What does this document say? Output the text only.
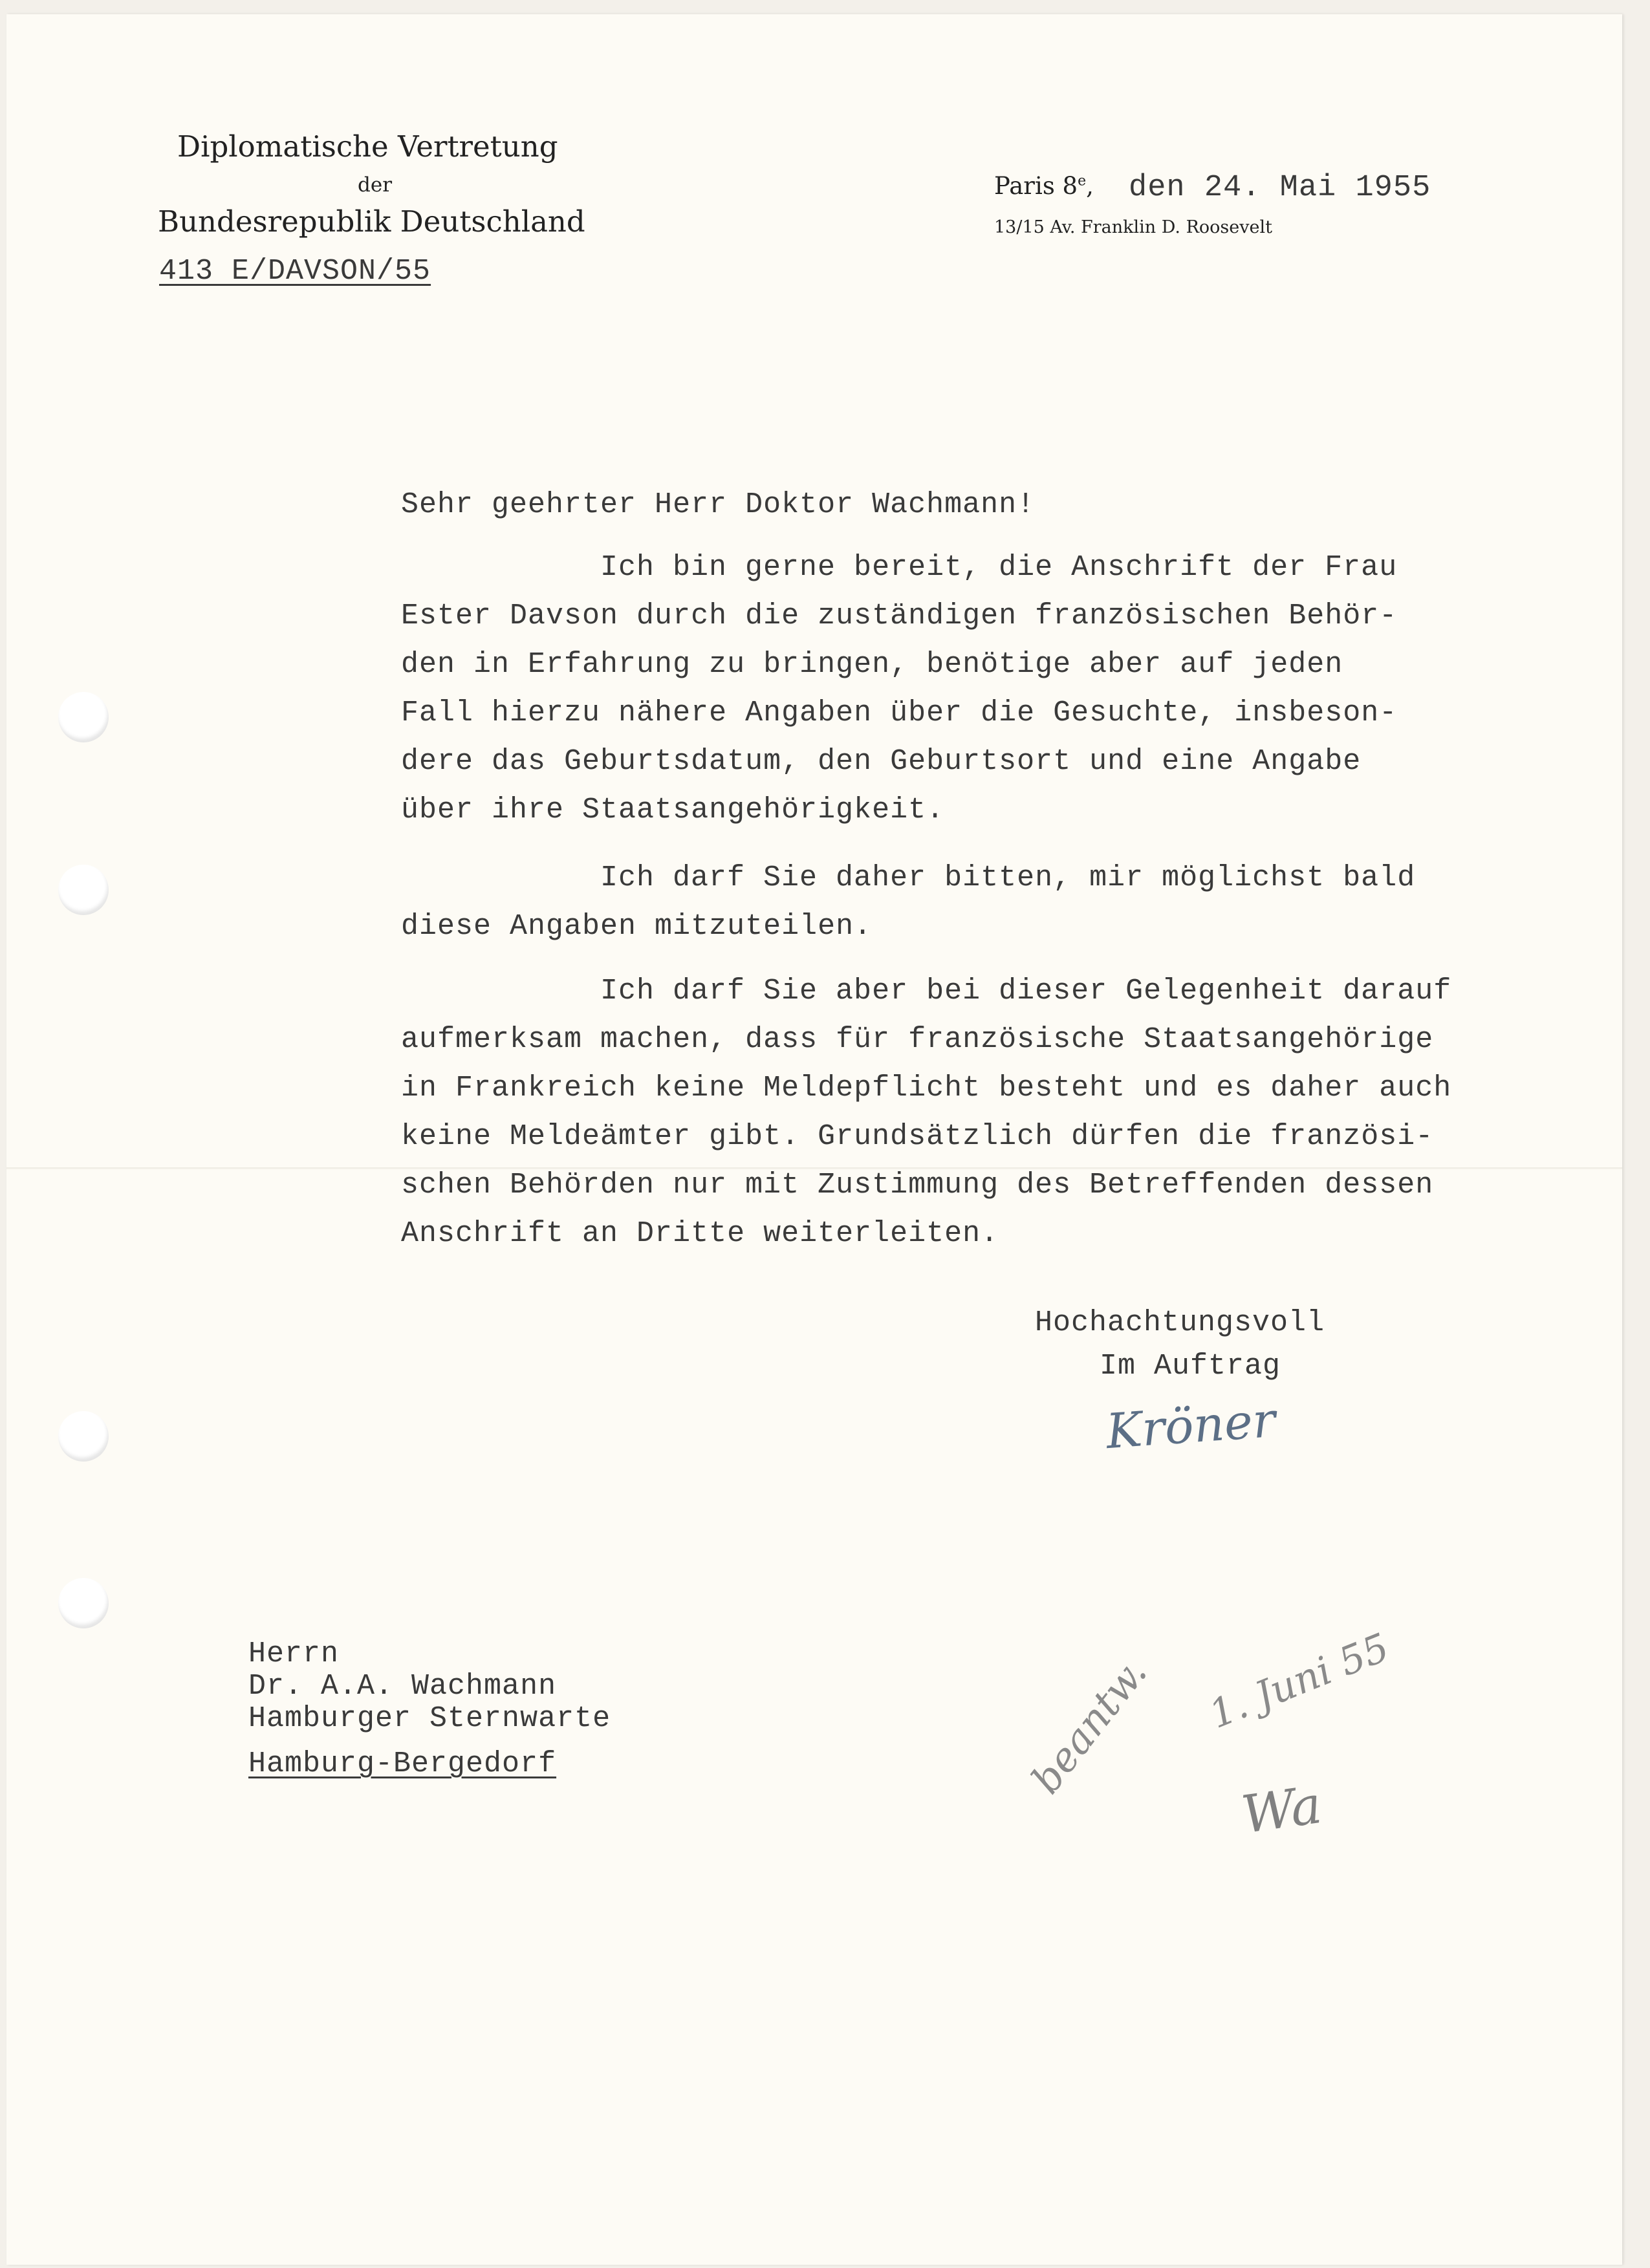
Diplomatische Vertretung
der
Bundesrepublik Deutschland
413 E/DAVSON/55
Paris 8e, den 24. Mai 1955
13/15 Av. Franklin D. Roosevelt
Sehr geehrter Herr Doktor Wachmann!
Ich bin gerne bereit, die Anschrift der Frau
Ester Davson durch die zuständigen französischen Behör-
den in Erfahrung zu bringen, benötige aber auf jeden
Fall hierzu nähere Angaben über die Gesuchte, insbeson-
dere das Geburtsdatum, den Geburtsort und eine Angabe
über ihre Staatsangehörigkeit.
Ich darf Sie daher bitten, mir möglichst bald
diese Angaben mitzuteilen.
Ich darf Sie aber bei dieser Gelegenheit darauf
aufmerksam machen, dass für französische Staatsangehörige
in Frankreich keine Meldepflicht besteht und es daher auch
keine Meldeämter gibt. Grundsätzlich dürfen die französi-
schen Behörden nur mit Zustimmung des Betreffenden dessen
Anschrift an Dritte weiterleiten.
Hochachtungsvoll
Im Auftrag
Kröner
Herrn
Dr. A.A. Wachmann
Hamburger Sternwarte
Hamburg-Bergedorf	beantw. 1. Juni 55
Wa
